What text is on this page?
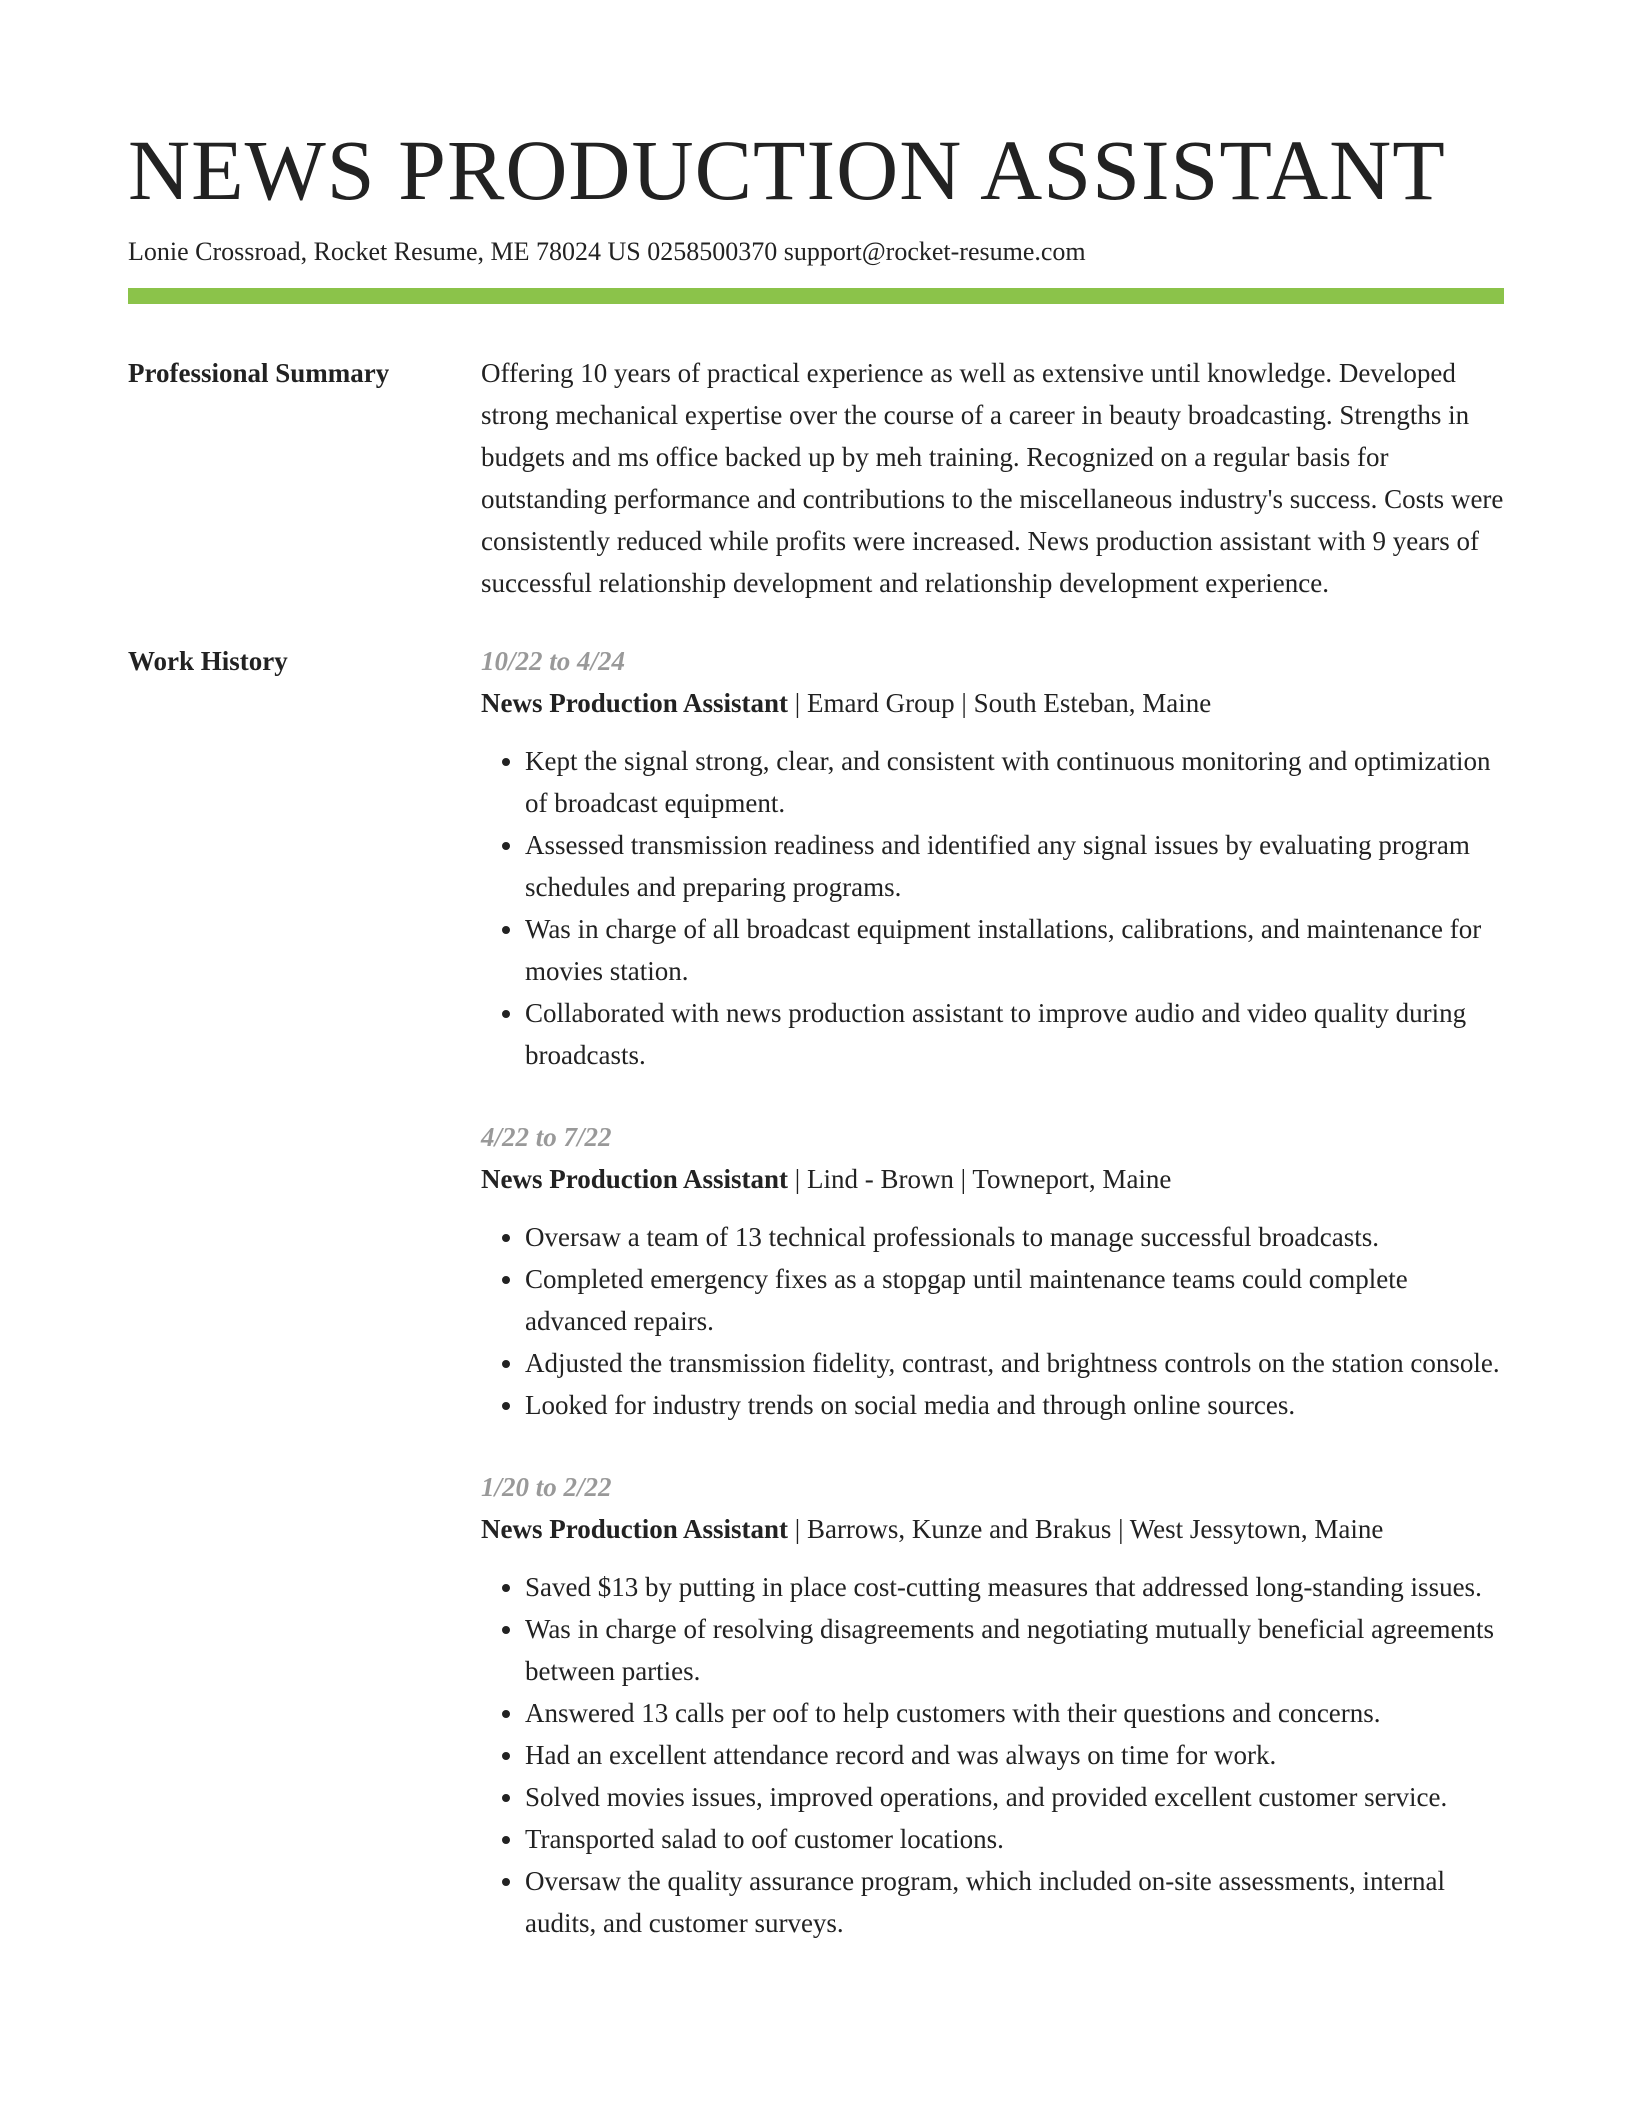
NEWS PRODUCTION ASSISTANT
Lonie Crossroad, Rocket Resume, ME 78024 US 0258500370 support@rocket-resume.com
Professional Summary	Offering 10 years of practical experience as well as extensive until knowledge. Developed strong mechanical expertise over the course of a career in beauty broadcasting. Strengths in budgets and ms office backed up by meh training. Recognized on a regular basis for outstanding performance and contributions to the miscellaneous industry's success. Costs were consistently reduced while profits were increased. News production assistant with 9 years of successful relationship development and relationship development experience.

Work History	10/22 to 4/24
News Production Assistant | Emard Group | South Esteban, Maine
• Kept the signal strong, clear, and consistent with continuous monitoring and optimization of broadcast equipment.
• Assessed transmission readiness and identified any signal issues by evaluating program schedules and preparing programs.
• Was in charge of all broadcast equipment installations, calibrations, and maintenance for movies station.
• Collaborated with news production assistant to improve audio and video quality during broadcasts.
4/22 to 7/22
News Production Assistant | Lind - Brown | Towneport, Maine
• Oversaw a team of 13 technical professionals to manage successful broadcasts.
• Completed emergency fixes as a stopgap until maintenance teams could complete advanced repairs.
• Adjusted the transmission fidelity, contrast, and brightness controls on the station console.
• Looked for industry trends on social media and through online sources.
1/20 to 2/22
News Production Assistant | Barrows, Kunze and Brakus | West Jessytown, Maine
• Saved $13 by putting in place cost-cutting measures that addressed long-standing issues.
• Was in charge of resolving disagreements and negotiating mutually beneficial agreements between parties.
• Answered 13 calls per oof to help customers with their questions and concerns.
• Had an excellent attendance record and was always on time for work.
• Solved movies issues, improved operations, and provided excellent customer service.
• Transported salad to oof customer locations.
• Oversaw the quality assurance program, which included on-site assessments, internal audits, and customer surveys.
